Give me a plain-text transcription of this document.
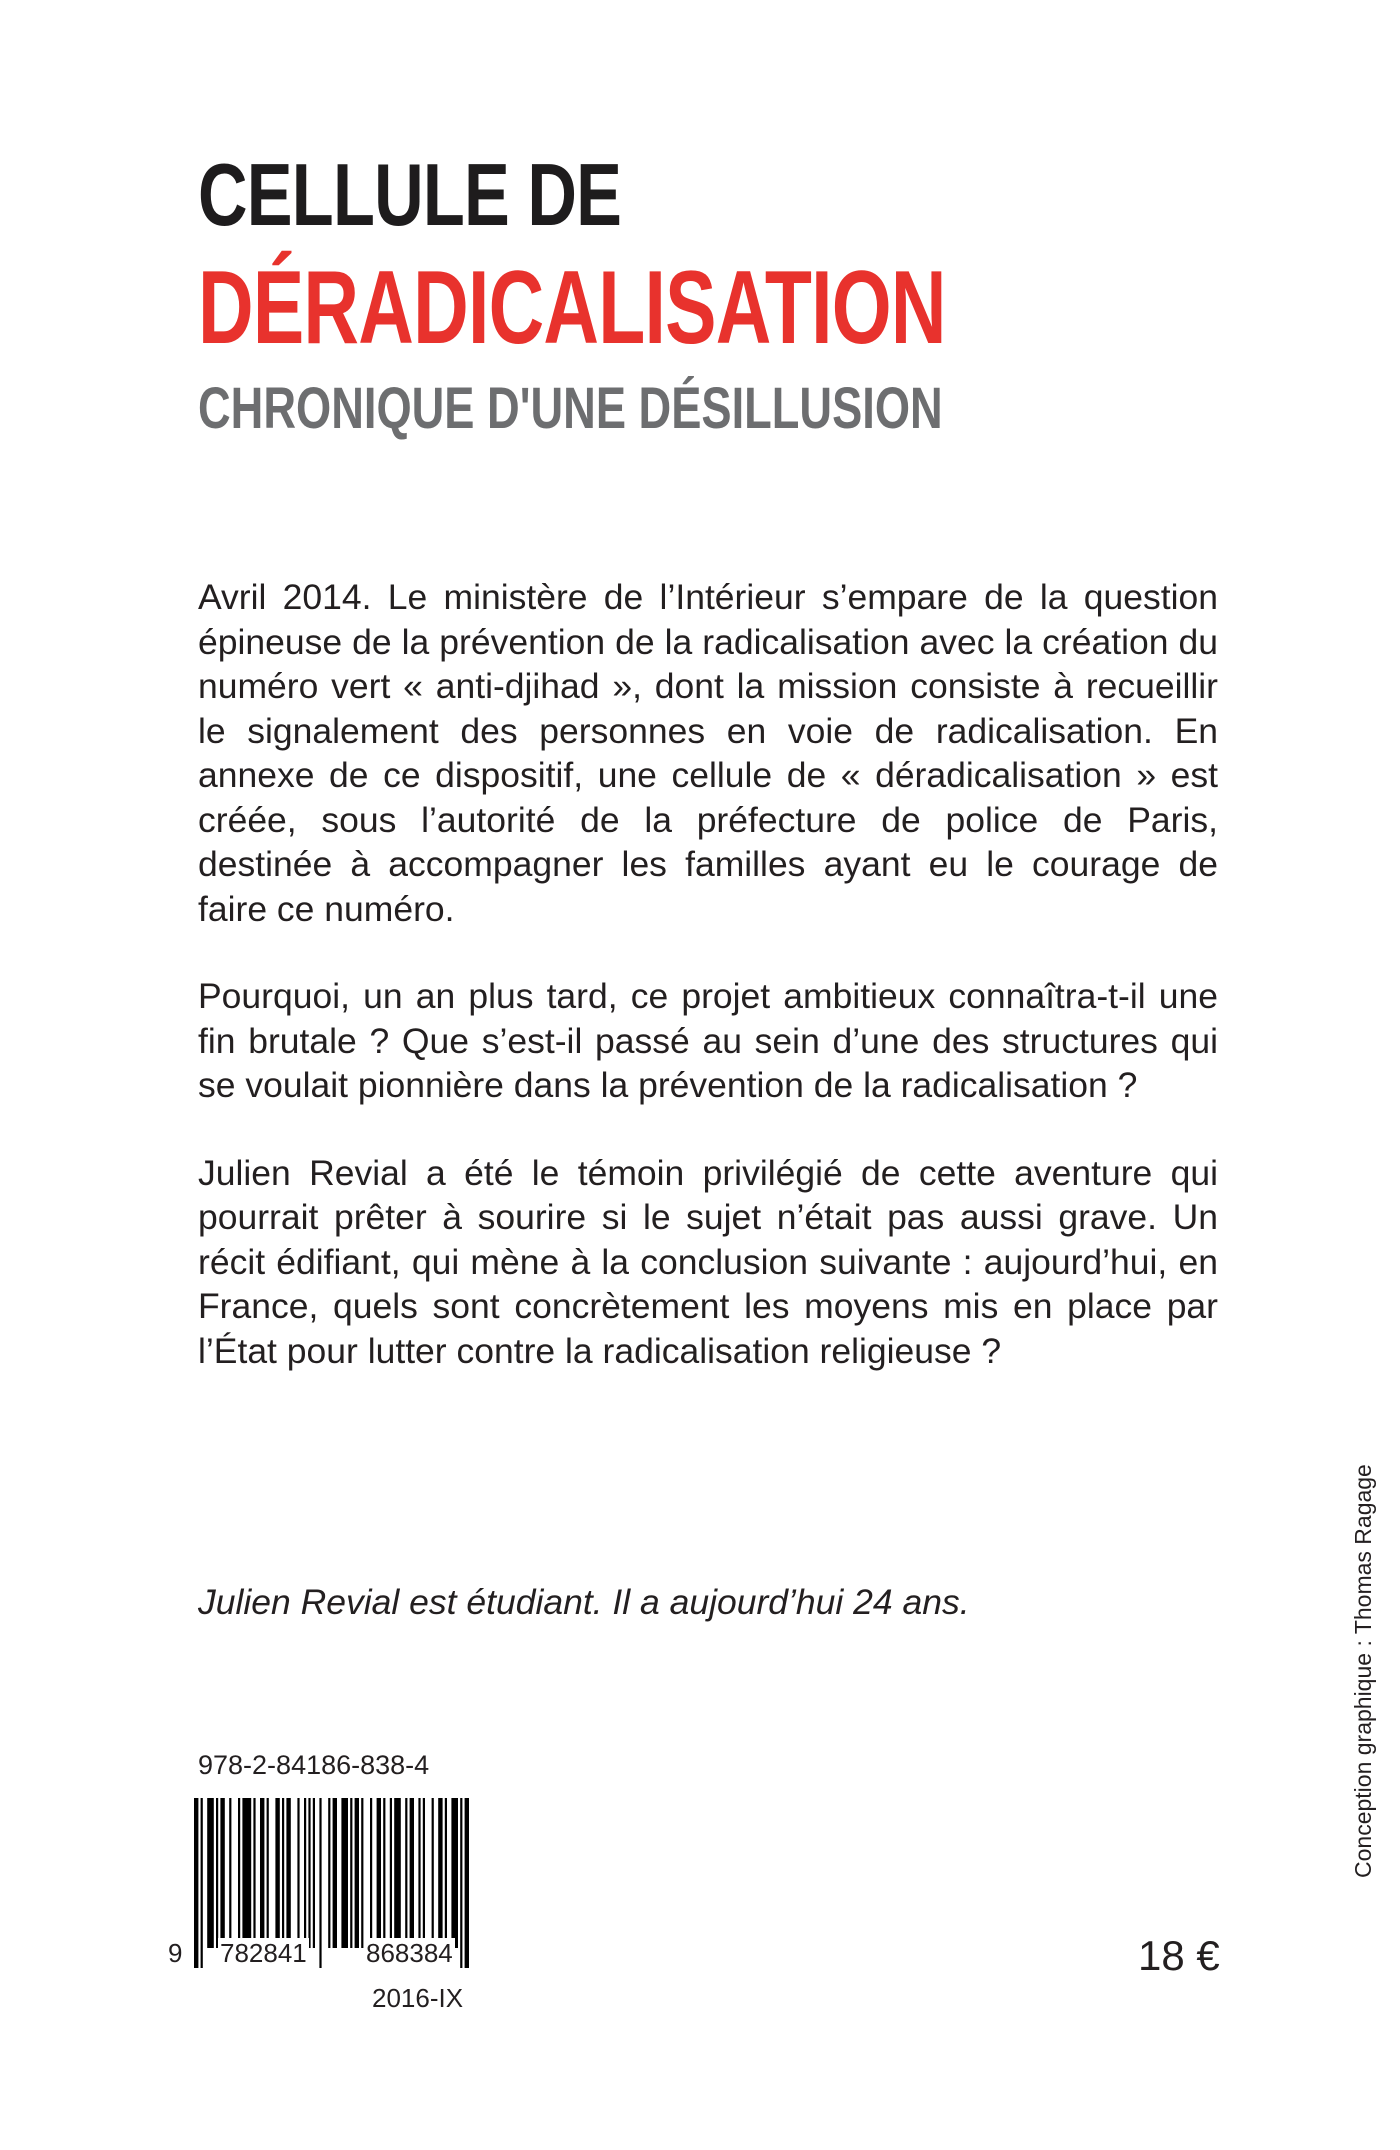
CELLULE DE
DÉRADICALISATION
CHRONIQUE D'UNE DÉSILLUSION

Avril 2014. Le ministère de l’Intérieur s’empare de la question épineuse de la prévention de la radicalisation avec la création du numéro vert « anti-djihad », dont la mission consiste à recueillir le signalement des personnes en voie de radicalisation. En annexe de ce dispositif, une cellule de « déradicalisation » est créée, sous l’autorité de la préfecture de police de Paris, destinée à accompagner les familles ayant eu le courage de faire ce numéro.

Pourquoi, un an plus tard, ce projet ambitieux connaîtra-t-il une fin brutale ? Que s’est-il passé au sein d’une des structures qui se voulait pionnière dans la prévention de la radicalisation ?

Julien Revial a été le témoin privilégié de cette aventure qui pourrait prêter à sourire si le sujet n’était pas aussi grave. Un récit édifiant, qui mène à la conclusion suivante : aujourd’hui, en France, quels sont concrètement les moyens mis en place par l’État pour lutter contre la radicalisation religieuse ?

Julien Revial est étudiant. Il a aujourd’hui 24 ans.
978-2-84186-838-4
9 782841 868384
2016-IX
18 €
Conception graphique : Thomas Ragage
